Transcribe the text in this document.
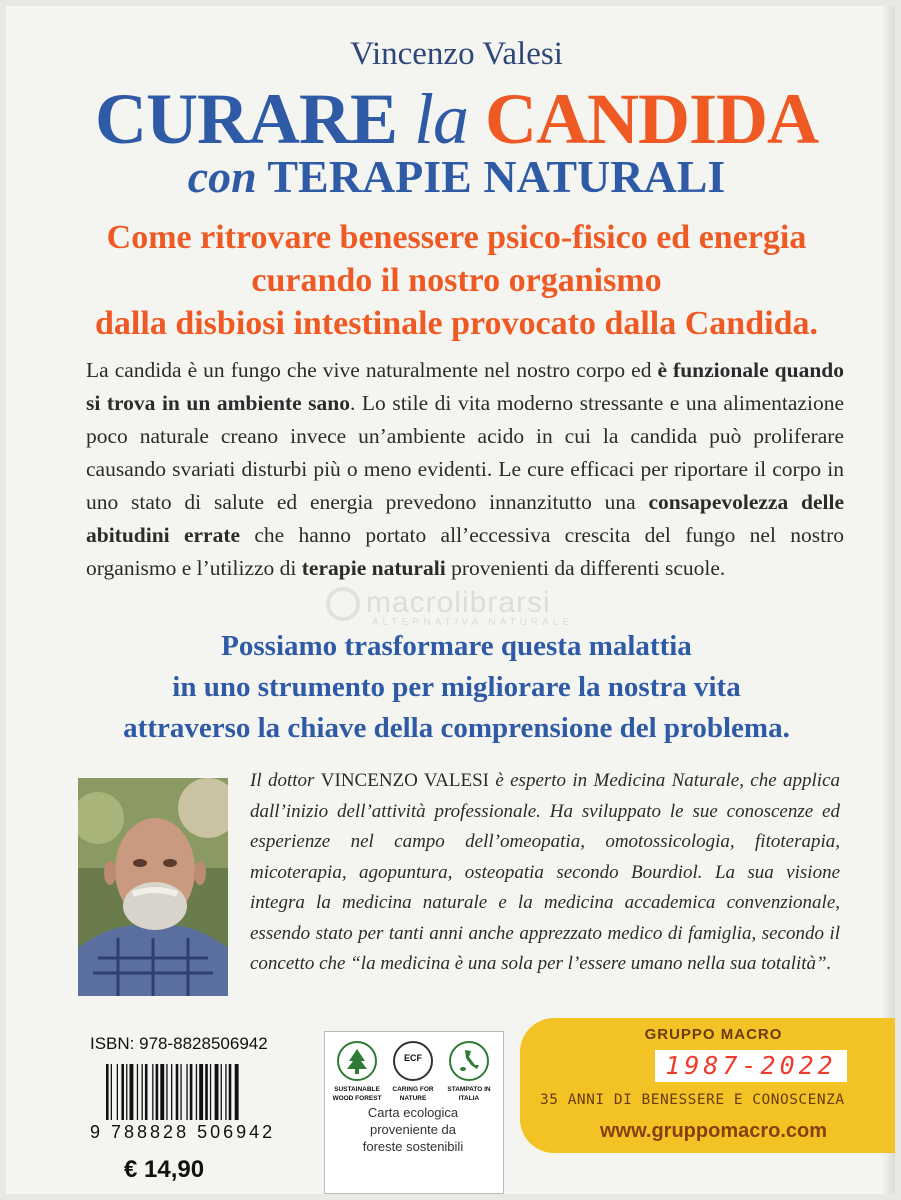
Vincenzo Valesi
CURARE la CANDIDA
con TERAPIE NATURALI
Come ritrovare benessere psico-fisico ed energia
curando il nostro organismo
dalla disbiosi intestinale provocato dalla Candida.
La candida è un fungo che vive naturalmente nel nostro corpo ed è funzionale quando si trova in un ambiente sano. Lo stile di vita moderno stressante e una alimentazione poco naturale creano invece un’ambiente acido in cui la candida può proliferare causando svariati disturbi più o meno evidenti. Le cure efficaci per riportare il corpo in uno stato di salute ed energia prevedono innanzitutto una consapevolezza delle abitudini errate che hanno portato all’eccessiva crescita del fungo nel nostro organismo e l’utilizzo di terapie naturali provenienti da differenti scuole.
macrolibrarsi
ALTERNATIVA NATURALE
Possiamo trasformare questa malattia
in uno strumento per migliorare la nostra vita
attraverso la chiave della comprensione del problema.
Il dottor VINCENZO VALESI è esperto in Medicina Naturale, che applica dall’inizio dell’attività professionale. Ha sviluppato le sue conoscenze ed esperienze nel campo dell’omeopatia, omotossicologia, fitoterapia, micoterapia, agopuntura, osteopatia secondo Bourdiol. La sua visione integra la medicina naturale e la medicina accademica convenzionale, essendo stato per tanti anni anche apprezzato medico di famiglia, secondo il concetto che “la medicina è una sola per l’essere umano nella sua totalità”.
ISBN: 978-8828506942
9 788828 506942
€ 14,90
SUSTAINABLE WOOD FOREST
ECF
CARING FOR NATURE
STAMPATO IN ITALIA
Carta ecologica
proveniente da
foreste sostenibili
GRUPPO MACRO
1987-2022
35 ANNI DI BENESSERE E CONOSCENZA
www.gruppomacro.com
